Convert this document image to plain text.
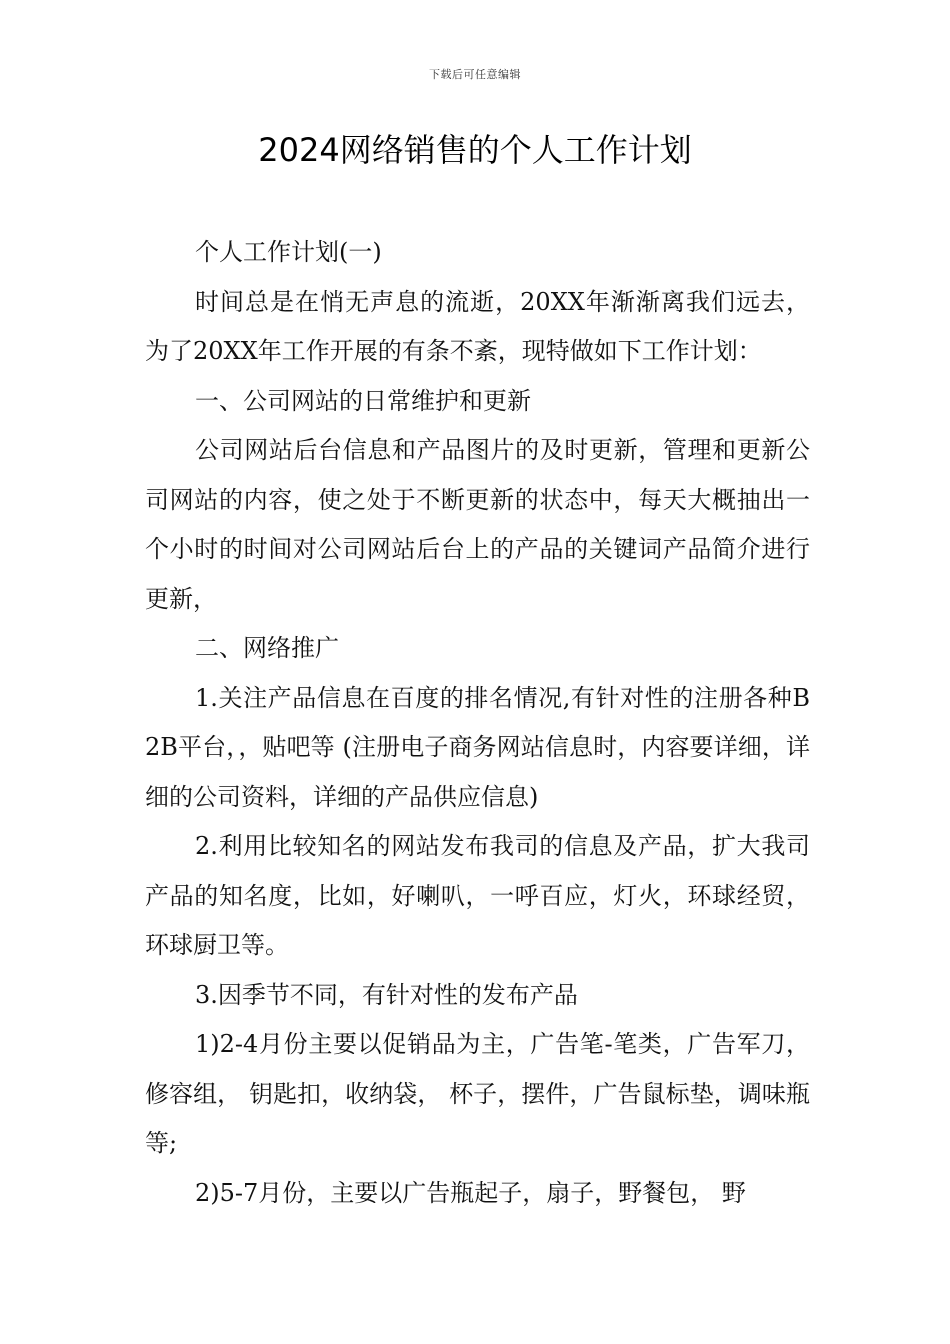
下载后可任意编辑
2024网络销售的个人工作计划

个人工作计划(一)

时间总是在悄无声息的流逝，20XX年渐渐离我们远去，为了20XX年工作开展的有条不紊，现特做如下工作计划：

一、公司网站的日常维护和更新

公司网站后台信息和产品图片的及时更新，管理和更新公司网站的内容，使之处于不断更新的状态中，每天大概抽出一个小时的时间对公司网站后台上的产品的关键词产品简介进行更新，

二、网络推广

1.关注产品信息在百度的排名情况,有针对性的注册各种B2B平台，，贴吧等 (注册电子商务网站信息时，内容要详细，详细的公司资料，详细的产品供应信息)

2.利用比较知名的网站发布我司的信息及产品，扩大我司产品的知名度，比如，好喇叭，一呼百应，灯火，环球经贸，环球厨卫等。

3.因季节不同，有针对性的发布产品

1)2-4月份主要以促销品为主，广告笔-笔类，广告军刀， 修容组， 钥匙扣，收纳袋， 杯子，摆件，广告鼠标垫，调味瓶等;

2)5-7月份，主要以广告瓶起子，扇子，野餐包， 野
